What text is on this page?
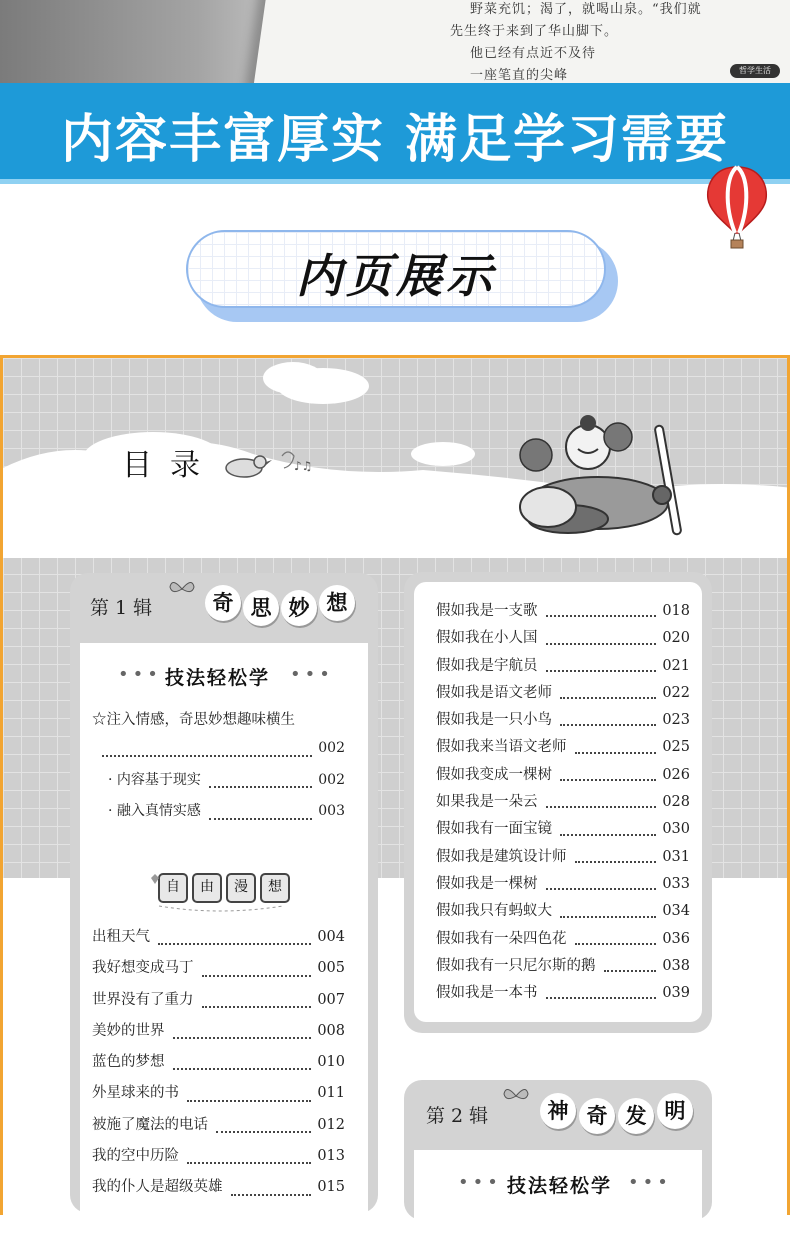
野菜充饥；渴了，就喝山泉。“我们就
先生终于来到了华山脚下。
他已经有点近不及待
一座笔直的尖峰	哲学生活
内容丰富厚实 满足学习需要
内页展示
目录	♪♫
第 1 辑	奇 思 妙 想
••• 技法轻松学 •••
☆注入情感，奇思妙想趣味横生
002
· 内容基于现实	002
· 融入真情实感	003
自	由	漫	想
出租天气	004
我好想变成马丁	005
世界没有了重力	007
美妙的世界	008
蓝色的梦想	010
外星球来的书	011
被施了魔法的电话	012
我的空中历险	013
我的仆人是超级英雄	015
假如我是一支歌	018
假如我在小人国	020
假如我是宇航员	021
假如我是语文老师	022
假如我是一只小鸟	023
假如我来当语文老师	025
假如我变成一棵树	026
如果我是一朵云	028
假如我有一面宝镜	030
假如我是建筑设计师	031
假如我是一棵树	033
假如我只有蚂蚁大	034
假如我有一朵四色花	036
假如我有一只尼尔斯的鹅	038
假如我是一本书	039
第 2 辑	神 奇 发 明
••• 技法轻松学 •••
